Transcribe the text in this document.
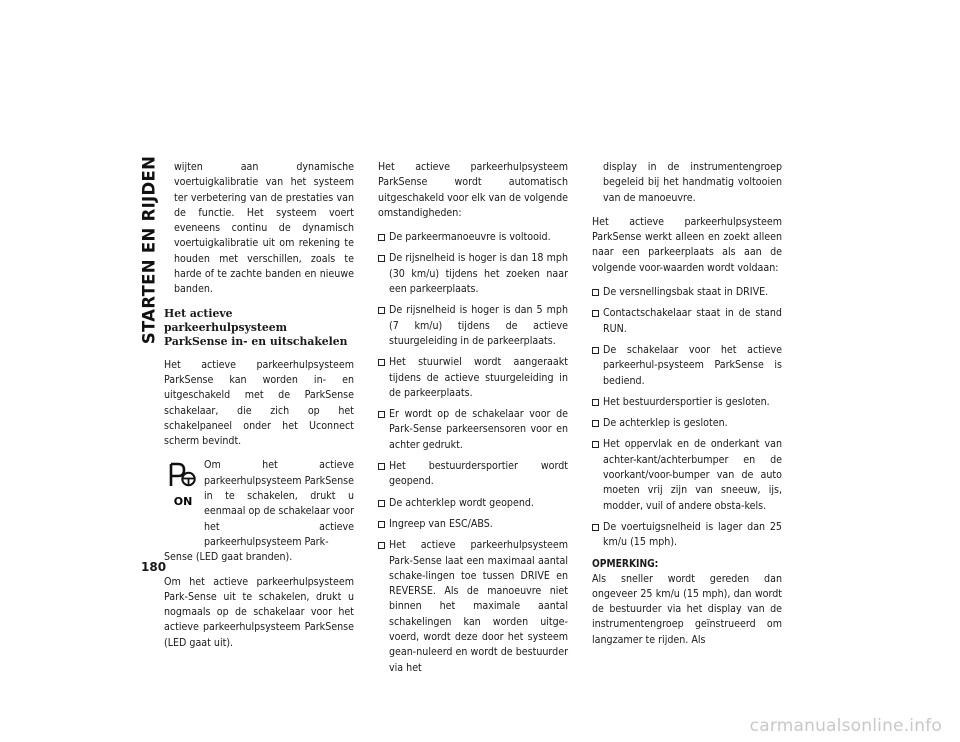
STARTEN EN RIJDEN
180

wijten aan dynamische voertuigkalibratie van het systeem ter verbetering van de prestaties van de functie. Het systeem voert eveneens continu de dynamisch voertuigkalibratie uit om rekening te houden met verschillen, zoals te harde of te zachte banden en nieuwe banden.

Het actieve parkeerhulpsysteem
ParkSense in- en uitschakelen

Het actieve parkeerhulpsysteem ParkSense kan worden in- en uitgeschakeld met de ParkSense schakelaar, die zich op het schakelpaneel onder het Uconnect scherm bevindt.

ON
Om het actieve parkeerhulpsysteem ParkSense in te schakelen, drukt u eenmaal op de schakelaar voor het actieve parkeerhulpsysteem Park-
Sense (LED gaat branden).

Om het actieve parkeerhulpsysteem Park-Sense uit te schakelen, drukt u nogmaals op de schakelaar voor het actieve parkeerhulpsysteem ParkSense (LED gaat uit).

Het actieve parkeerhulpsysteem ParkSense wordt automatisch uitgeschakeld voor elk van de volgende omstandigheden:

De parkeermanoeuvre is voltooid.
De rijsnelheid is hoger is dan 18 mph (30 km/u) tijdens het zoeken naar een parkeerplaats.
De rijsnelheid is hoger is dan 5 mph (7 km/u) tijdens de actieve stuurgeleiding in de parkeerplaats.
Het stuurwiel wordt aangeraakt tijdens de actieve stuurgeleiding in de parkeerplaats.
Er wordt op de schakelaar voor de Park-Sense parkeersensoren voor en achter gedrukt.
Het bestuurdersportier wordt geopend.
De achterklep wordt geopend.
Ingreep van ESC/ABS.
Het actieve parkeerhulpsysteem Park-Sense laat een maximaal aantal schake-lingen toe tussen DRIVE en REVERSE. Als de manoeuvre niet binnen het maximale aantal schakelingen kan worden uitge-voerd, wordt deze door het systeem gean-nuleerd en wordt de bestuurder via het
display in de instrumentengroep begeleid bij het handmatig voltooien van de manoeuvre.

Het actieve parkeerhulpsysteem ParkSense werkt alleen en zoekt alleen naar een parkeerplaats als aan de volgende voor-waarden wordt voldaan:

De versnellingsbak staat in DRIVE.
Contactschakelaar staat in de stand RUN.
De schakelaar voor het actieve parkeerhul-psysteem ParkSense is bediend.
Het bestuurdersportier is gesloten.
De achterklep is gesloten.
Het oppervlak en de onderkant van achter-kant/achterbumper en de voorkant/voor-bumper van de auto moeten vrij zijn van sneeuw, ijs, modder, vuil of andere obsta-kels.
De voertuigsnelheid is lager dan 25 km/u (15 mph).
OPMERKING:

Als sneller wordt gereden dan ongeveer 25 km/u (15 mph), dan wordt de bestuurder via het display van de instrumentengroep geïnstrueerd om langzamer te rijden. Als

carmanualsonline.info
